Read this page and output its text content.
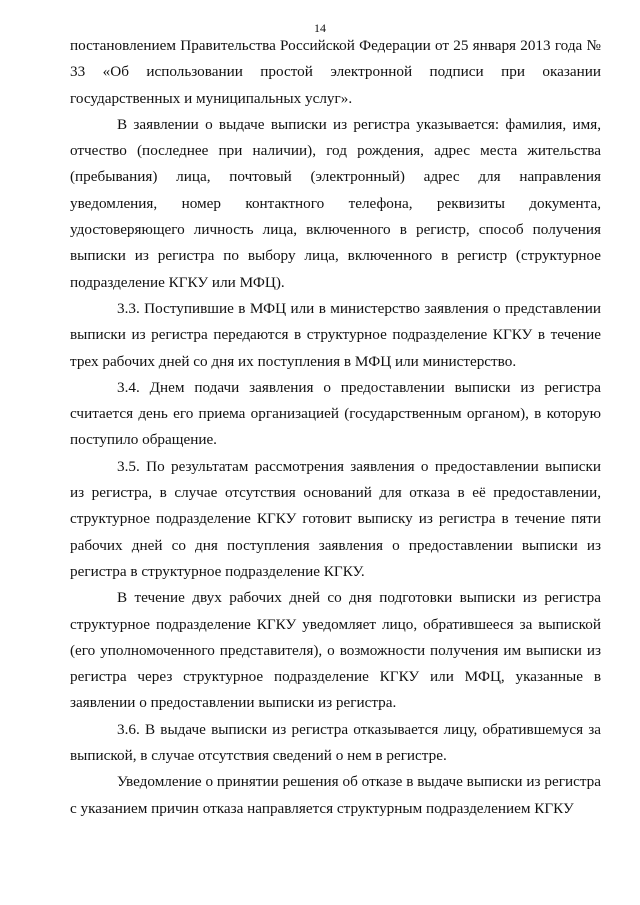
14

постановлением Правительства Российской Федерации от 25 января 2013 года № 33 «Об использовании простой электронной подписи при оказании государственных и муниципальных услуг».

В заявлении о выдаче выписки из регистра указывается: фамилия, имя, отчество (последнее при наличии), год рождения, адрес места жительства (пребывания) лица, почтовый (электронный) адрес для направления уведомления, номер контактного телефона, реквизиты документа, удостоверяющего личность лица, включенного в регистр, способ получения выписки из регистра по выбору лица, включенного в регистр (структурное подразделение КГКУ или МФЦ).

3.3. Поступившие в МФЦ или в министерство заявления о представлении выписки из регистра передаются в структурное подразделение КГКУ в течение трех рабочих дней со дня их поступления в МФЦ или министерство.

3.4. Днем подачи заявления о предоставлении выписки из регистра считается день его приема организацией (государственным органом), в которую поступило обращение.

3.5. По результатам рассмотрения заявления о предоставлении выписки из регистра, в случае отсутствия оснований для отказа в её предоставлении, структурное подразделение КГКУ готовит выписку из регистра в течение пяти рабочих дней со дня поступления заявления о предоставлении выписки из регистра в структурное подразделение КГКУ.

В течение двух рабочих дней со дня подготовки выписки из регистра структурное подразделение КГКУ уведомляет лицо, обратившееся за выпиской (его уполномоченного представителя), о возможности получения им выписки из регистра через структурное подразделение КГКУ или МФЦ, указанные в заявлении о предоставлении выписки из регистра.

3.6. В выдаче выписки из регистра отказывается лицу, обратившемуся за выпиской, в случае отсутствия сведений о нем в регистре.

Уведомление о принятии решения об отказе в выдаче выписки из регистра с указанием причин отказа направляется структурным подразделением КГКУ
